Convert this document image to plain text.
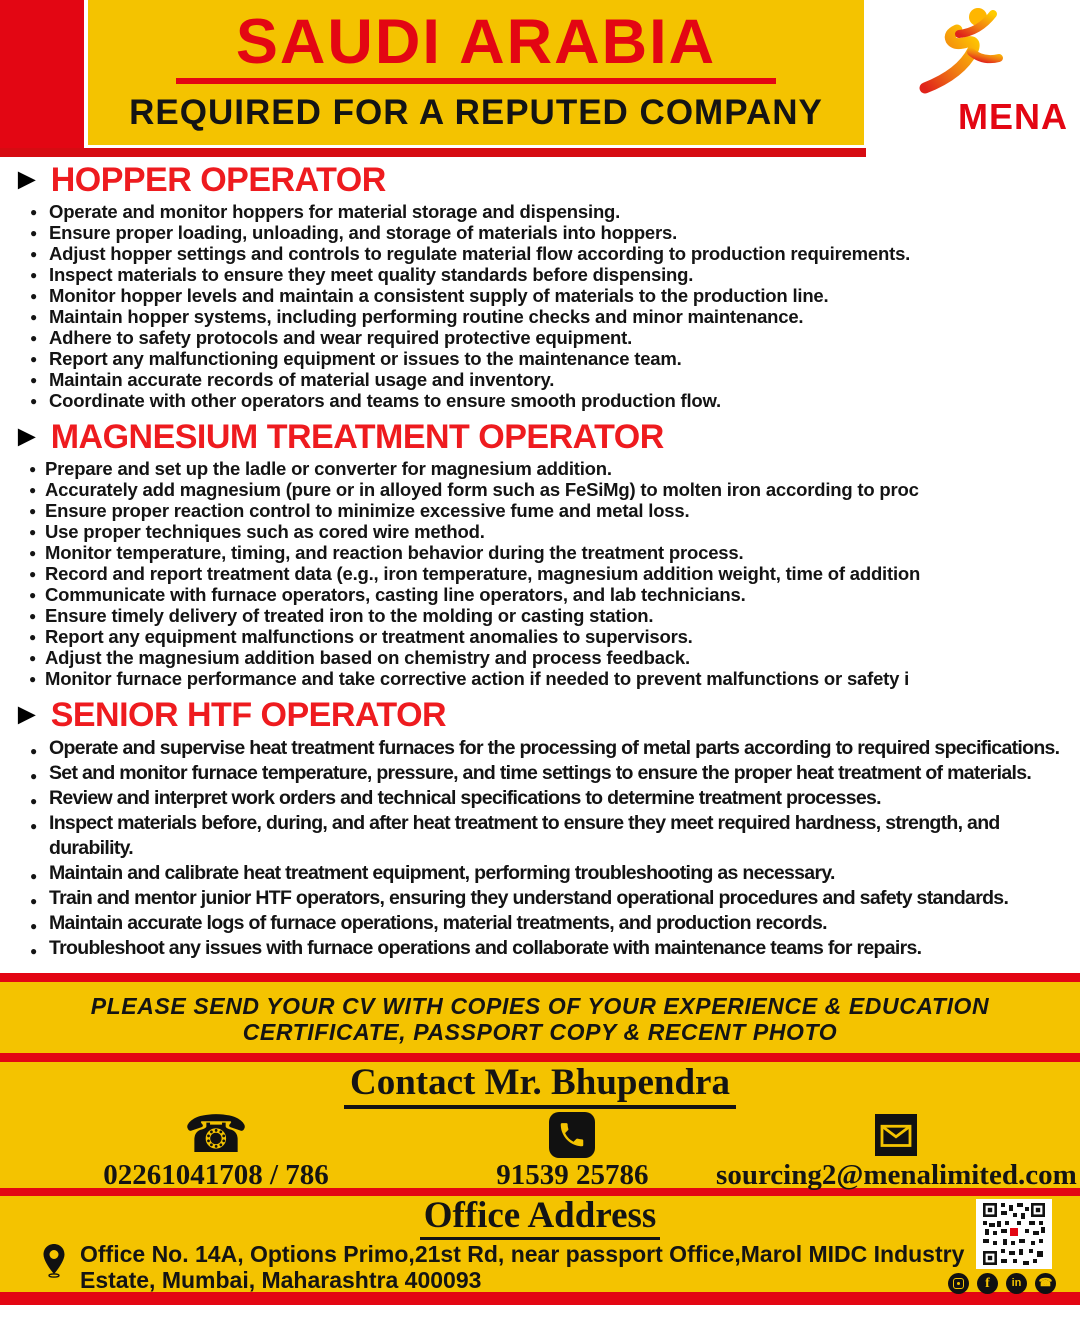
SAUDI ARABIA
REQUIRED FOR A REPUTED COMPANY	MENA
► HOPPER OPERATOR
● Operate and monitor hoppers for material storage and dispensing.
● Ensure proper loading, unloading, and storage of materials into hoppers.
● Adjust hopper settings and controls to regulate material flow according to production requirements.
● Inspect materials to ensure they meet quality standards before dispensing.
● Monitor hopper levels and maintain a consistent supply of materials to the production line.
● Maintain hopper systems, including performing routine checks and minor maintenance.
● Adhere to safety protocols and wear required protective equipment.
● Report any malfunctioning equipment or issues to the maintenance team.
● Maintain accurate records of material usage and inventory.
● Coordinate with other operators and teams to ensure smooth production flow.
► MAGNESIUM TREATMENT OPERATOR
● Prepare and set up the ladle or converter for magnesium addition.
● Accurately add magnesium (pure or in alloyed form such as FeSiMg) to molten iron according to proc
● Ensure proper reaction control to minimize excessive fume and metal loss.
● Use proper techniques such as cored wire method.
● Monitor temperature, timing, and reaction behavior during the treatment process.
● Record and report treatment data (e.g., iron temperature, magnesium addition weight, time of addition
● Communicate with furnace operators, casting line operators, and lab technicians.
● Ensure timely delivery of treated iron to the molding or casting station.
● Report any equipment malfunctions or treatment anomalies to supervisors.
● Adjust the magnesium addition based on chemistry and process feedback.
● Monitor furnace performance and take corrective action if needed to prevent malfunctions or safety i
► SENIOR HTF OPERATOR
● Operate and supervise heat treatment furnaces for the processing of metal parts according to required specifications.
● Set and monitor furnace temperature, pressure, and time settings to ensure the proper heat treatment of materials.
● Review and interpret work orders and technical specifications to determine treatment processes.
● Inspect materials before, during, and after heat treatment to ensure they meet required hardness, strength, and durability.
● Maintain and calibrate heat treatment equipment, performing troubleshooting as necessary.
● Train and mentor junior HTF operators, ensuring they understand operational procedures and safety standards.
● Maintain accurate logs of furnace operations, material treatments, and production records.
● Troubleshoot any issues with furnace operations and collaborate with maintenance teams for repairs.
PLEASE SEND YOUR CV WITH COPIES OF YOUR EXPERIENCE & EDUCATION
CERTIFICATE, PASSPORT COPY & RECENT PHOTO
Contact Mr. Bhupendra
☎
02261041708 / 786	91539 25786 sourcing2@menalimited.com
Office Address
Office No. 14A, Options Primo,21st Rd, near passport Office,Marol MIDC Industry
Estate, Mumbai, Maharashtra 400093	f	in	☎
